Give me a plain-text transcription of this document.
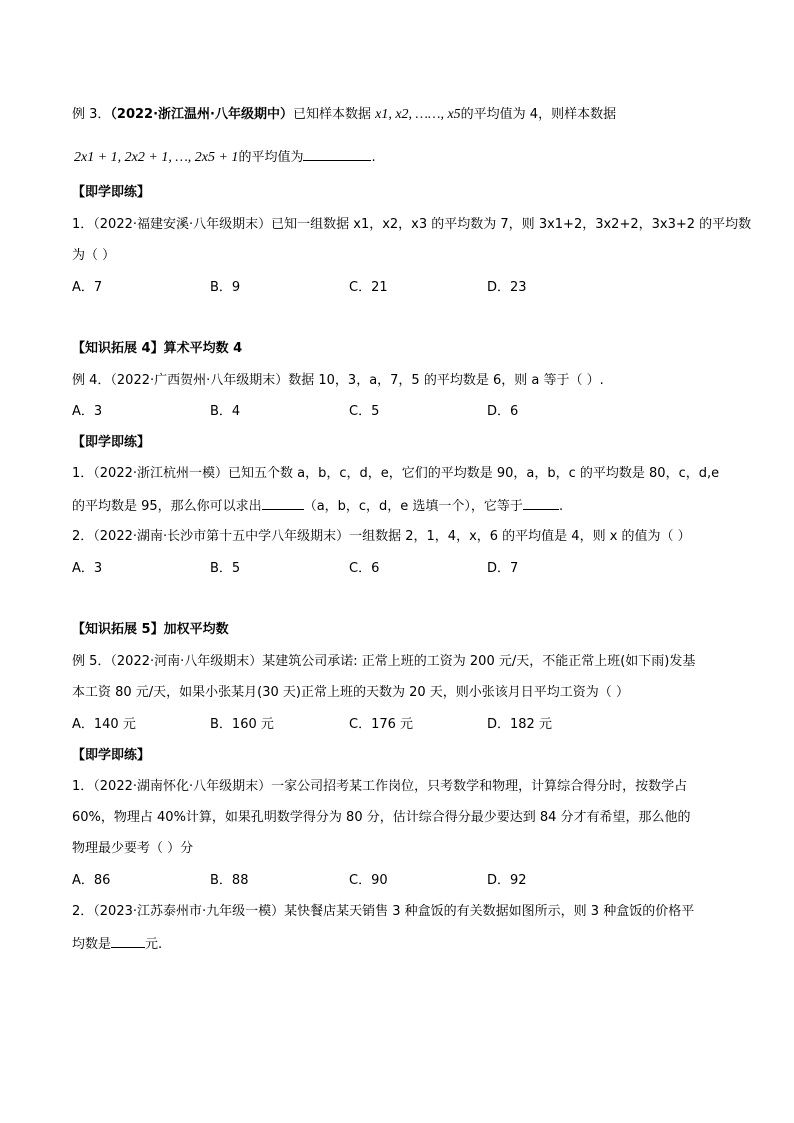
例 3．（2022·浙江温州·八年级期中）已知样本数据 x1, x2, ……, x5的平均值为 4，则样本数据
2x1 + 1, 2x2 + 1, …, 2x5 + 1的平均值为	.
【即学即练】
1．（2022·福建安溪·八年级期末）已知一组数据 x1，x2，x3 的平均数为 7，则 3x1+2，3x2+2，3x3+2 的平均数
为（ ）
A．7	B．9	C．21	D．23
【知识拓展 4】算术平均数 4
例 4．（2022·广西贺州·八年级期末）数据 10，3，a，7，5 的平均数是 6，则 a 等于（ ）.
A．3	B．4	C．5	D．6
【即学即练】
1．（2022·浙江杭州一模）已知五个数 a，b，c，d，e，它们的平均数是 90，a，b，c 的平均数是 80，c，d,e
的平均数是 95，那么你可以求出	（a，b，c，d，e 选填一个），它等于	.
2．（2022·湖南·长沙市第十五中学八年级期末）一组数据 2，1，4，x，6 的平均值是 4，则 x 的值为（ ）
A．3	B．5	C．6	D．7
【知识拓展 5】加权平均数
例 5．（2022·河南·八年级期末）某建筑公司承诺: 正常上班的工资为 200 元/天，不能正常上班(如下雨)发基
本工资 80 元/天，如果小张某月(30 天)正常上班的天数为 20 天，则小张该月日平均工资为（ ）
A．140 元	B．160 元	C．176 元	D．182 元
【即学即练】
1．（2022·湖南怀化·八年级期末）一家公司招考某工作岗位，只考数学和物理，计算综合得分时，按数学占
60%，物理占 40%计算，如果孔明数学得分为 80 分，估计综合得分最少要达到 84 分才有希望，那么他的
物理最少要考（ ）分
A．86	B．88	C．90	D．92
2．（2023·江苏泰州市·九年级一模）某快餐店某天销售 3 种盒饭的有关数据如图所示，则 3 种盒饭的价格平
均数是	元.
